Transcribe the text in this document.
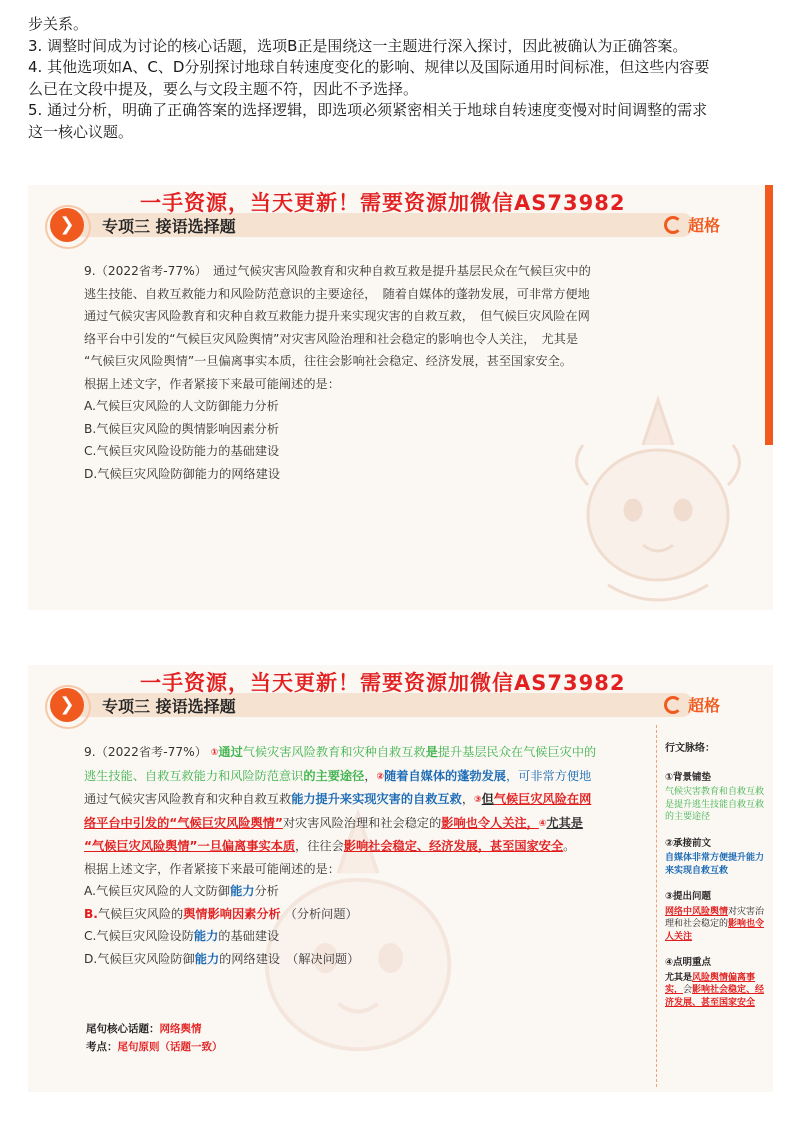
步关系。

3. 调整时间成为讨论的核心话题，选项B正是围绕这一主题进行深入探讨，因此被确认为正确答案。

4. 其他选项如A、C、D分别探讨地球自转速度变化的影响、规律以及国际通用时间标准，但这些内容要

么已在文段中提及，要么与文段主题不符，因此不予选择。

5. 通过分析，明确了正确答案的选择逻辑，即选项必须紧密相关于地球自转速度变慢对时间调整的需求

这一核心议题。

❯	专项三 接语选择题	超格
一手资源，当天更新！需要资源加微信AS73982

9.（2022省考-77%）　通过气候灾害风险教育和灾种自救互救是提升基层民众在气候巨灾中的

逃生技能、自救互救能力和风险防范意识的主要途径，　随着自媒体的蓬勃发展，可非常方便地

通过气候灾害风险教育和灾种自救互救能力提升来实现灾害的自救互救，　但气候巨灾风险在网

络平台中引发的“气候巨灾风险舆情”对灾害风险治理和社会稳定的影响也令人关注，　尤其是

“气候巨灾风险舆情”一旦偏离事实本质，往往会影响社会稳定、经济发展，甚至国家安全。

根据上述文字，作者紧接下来最可能阐述的是：

A.气候巨灾风险的人文防御能力分析

B.气候巨灾风险的舆情影响因素分析

C.气候巨灾风险设防能力的基础建设

D.气候巨灾风险防御能力的网络建设

❯	专项三 接语选择题	超格
一手资源，当天更新！需要资源加微信AS73982

9.（2022省考-77%） ①通过气候灾害风险教育和灾种自救互救是提升基层民众在气候巨灾中的

逃生技能、自救互救能力和风险防范意识的主要途径，②随着自媒体的蓬勃发展，可非常方便地

通过气候灾害风险教育和灾种自救互救能力提升来实现灾害的自救互救，③但气候巨灾风险在网

络平台中引发的“气候巨灾风险舆情”对灾害风险治理和社会稳定的影响也令人关注，④尤其是

“气候巨灾风险舆情”一旦偏离事实本质，往往会影响社会稳定、经济发展，甚至国家安全。

根据上述文字，作者紧接下来最可能阐述的是：

A.气候巨灾风险的人文防御能力分析

B.气候巨灾风险的舆情影响因素分析 （分析问题）

C.气候巨灾风险设防能力的基础建设

D.气候巨灾风险防御能力的网络建设　（解决问题）

尾句核心话题：网络舆情
考点：尾句原则（话题一致）
行文脉络：
①背景铺垫
气候灾害教育和自救互救是提升逃生技能自救互救的主要途径
②承接前文
自媒体非常方便提升能力来实现自救互救
③提出问题
网络中风险舆情对灾害治理和社会稳定的影响也令人关注
④点明重点
尤其是风险舆情偏离事实，会影响社会稳定、经济发展、甚至国家安全
